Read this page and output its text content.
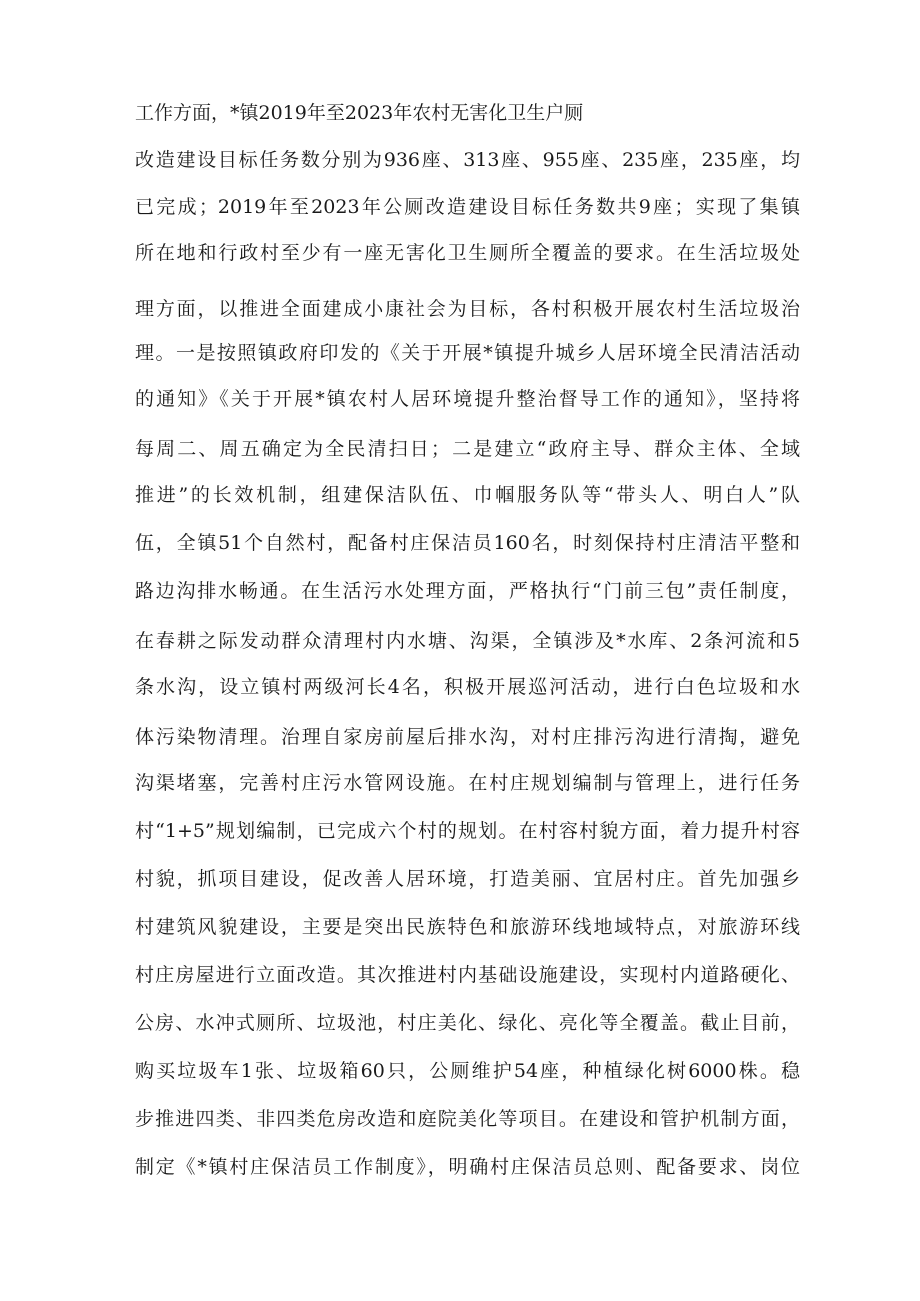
工作方面，*镇2019年至2023年农村无害化卫生户厕
改造建设目标任务数分别为936座、313座、955座、235座，235座，均
已完成；2019年至2023年公厕改造建设目标任务数共9座；实现了集镇
所在地和行政村至少有一座无害化卫生厕所全覆盖的要求。在生活垃圾处
理方面，以推进全面建成小康社会为目标，各村积极开展农村生活垃圾治
理。一是按照镇政府印发的《关于开展*镇提升城乡人居环境全民清洁活动
的通知》《关于开展*镇农村人居环境提升整治督导工作的通知》，坚持将
每周二、周五确定为全民清扫日；二是建立“政府主导、群众主体、全域
推进”的长效机制，组建保洁队伍、巾帼服务队等“带头人、明白人”队
伍，全镇51个自然村，配备村庄保洁员160名，时刻保持村庄清洁平整和
路边沟排水畅通。在生活污水处理方面，严格执行“门前三包”责任制度，
在春耕之际发动群众清理村内水塘、沟渠，全镇涉及*水库、2条河流和5
条水沟，设立镇村两级河长4名，积极开展巡河活动，进行白色垃圾和水
体污染物清理。治理自家房前屋后排水沟，对村庄排污沟进行清掏，避免
沟渠堵塞，完善村庄污水管网设施。在村庄规划编制与管理上，进行任务
村“1+5”规划编制，已完成六个村的规划。在村容村貌方面，着力提升村容
村貌，抓项目建设，促改善人居环境，打造美丽、宜居村庄。首先加强乡
村建筑风貌建设，主要是突出民族特色和旅游环线地域特点，对旅游环线
村庄房屋进行立面改造。其次推进村内基础设施建设，实现村内道路硬化、
公房、水冲式厕所、垃圾池，村庄美化、绿化、亮化等全覆盖。截止目前，
购买垃圾车1张、垃圾箱60只，公厕维护54座，种植绿化树6000株。稳
步推进四类、非四类危房改造和庭院美化等项目。在建设和管护机制方面，
制定《*镇村庄保洁员工作制度》，明确村庄保洁员总则、配备要求、岗位
